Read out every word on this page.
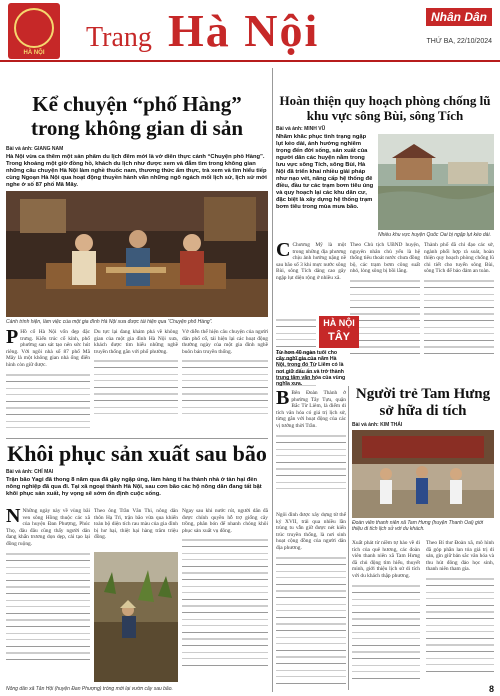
HÀ NỘI	Trang Hà Nội	Nhân Dân
THỨ BA, 22/10/2024
Kể chuyện “phố Hàng”
trong không gian di sản
Bài và ảnh: GIANG NAM
Hà Nội vừa ca thêm một sản phẩm du lịch đêm mới là vở diễn thực cảnh “Chuyện phố Hàng”. Trong khoảng một giờ đồng hồ, khách du lịch như được xem và đắm tìm trong không gian những câu chuyện Hà Nội làm nghề thuốc nam, thương thức ẩm thực, trà xem và tìm hiểu tiếp cùng Ngoạn Hà Nội qua hoạt động thuyền hành văn những ngõ ngách mối lịch sử, lịch sử mới nghe ở số 87 phố Mã Mây.
Cảnh trình hiện, làm việc của một gia đình Hà Nội xưa được tái hiện qua “Chuyện phố Hàng”.
P Hồ cổ Hà Nội vốn đẹp đặc trưng. Kiến trúc cổ kính, phố phường san sát tạo nên sức hút riêng. Với ngôi nhà số 87 phố Mã Mây là một không gian nhà ống điển hình còn giữ được.
Du tực lại đang khám phá về không gian của một gia đình Hà Nội xưa, khách được tìm hiểu những nghề truyền thống gắn với phố phường.
Vở diễn thể hiện câu chuyện của người dân phố cổ, tái hiện lại các hoạt động thường ngày của một gia đình nghề buôn bán truyền thống.
Khôi phục sản xuất sau bão
Bài và ảnh: CHÍ MAI
Trận bão Yagi đã thong 8 năm qua đã gây ngập úng, làm hàng tỉ ha thành nhà ở tàn hại đến nông nghiệp đã qua đi. Tại xã ngoại thành Hà Nội, sau cơn bão các hộ nông dân đang tất bật khôi phục sản xuất, hy vọng sẽ sớm ổn định cuộc sống.
N Những ngày này về vùng bãi ven sông Hồng thuộc các xã của huyện Đan Phượng, Phúc Thọ, đâu đâu cũng thấy người dân đang khẩn trương dọn dẹp, cải tạo lại đồng ruộng.
Theo ông Trần Văn Thi, nông dân thôn Hạ Trì, trận bão vừa qua khiến toàn bộ diện tích rau màu của gia đình bị hư hại, thiệt hại hàng trăm triệu đồng.
Ngay sau khi nước rút, người dân đã được chính quyền hỗ trợ giống cây trồng, phân bón để nhanh chóng khôi phục sản xuất vụ đông.
Nông dân xã Tân Hội (huyện Đan Phượng) trồng mới lại vườn cây sau bão.
Hoàn thiện quy hoạch phòng chống lũ khu vực sông Bùi, sông Tích
Bài và ảnh: MINH VŨ
Nhằm khắc phục tình trạng ngập lụt kéo dài, ảnh hưởng nghiêm trọng đến đời sống, sản xuất của người dân các huyện nằm trong lưu vực sông Tích, sông Bùi, Hà Nội đã triển khai nhiều giải pháp như nạo vét, nâng cấp hệ thống đê điều, đầu tư các trạm bơm tiêu úng và quy hoạch lại các khu dân cư, đặc biệt là xây dựng hệ thống trạm bơm tiêu trong mùa mưa bão.
Nhiều khu vực huyện Quốc Oai bị ngập lụt kéo dài.
C Chương Mỹ là một trong những địa phương chịu ảnh hưởng nặng nề sau bão số 3 khi mực nước sông Bùi, sông Tích dâng cao gây ngập lụt diện rộng ở nhiều xã.
Theo Chủ tịch UBND huyện, nguyên nhân chủ yếu là hệ thống tiêu thoát nước chưa đồng bộ, các trạm bơm công suất nhỏ, lòng sông bị bồi lắng.
Thành phố đã chỉ đạo các sở, ngành phối hợp rà soát, hoàn thiện quy hoạch phòng chống lũ chi tiết cho tuyến sông Bùi, sông Tích để bảo đảm an toàn.
HÀ NỘI
TÂY
Từ hơn 40 ngàn tuổi cho cây nghĩ gia của năm Hà Nội, trong đó Từ Liêm có là nơi giữ dấu ấn và trở thành trung tâm văn hóa của vùng nghĩa xưa.
B Bên Đoàn Thành ở phường Tây Tựu, quận Bắc Từ Liêm, là điểm di tích văn hóa có giá trị lịch sử, từng gắn với hoạt động của các vị tướng thời Trần.
Ngôi đình được xây dựng từ thế kỷ XVII, trải qua nhiều lần trùng tu vẫn giữ được nét kiến trúc truyền thống, là nơi sinh hoạt cộng đồng của người dân địa phương.
Người trẻ Tam Hưng sở hữa di tích
Bài và ảnh: KIM THÁI
Đoàn viên thanh niên xã Tam Hưng (huyện Thanh Oai) giới thiệu di tích lịch sử với du khách.
Xuất phát từ niềm tự hào về di tích của quê hương, các đoàn viên thanh niên xã Tam Hưng đã chủ động tìm hiểu, thuyết minh, giới thiệu lịch sử di tích với du khách thập phương.
Theo Bí thư Đoàn xã, mô hình đã góp phần lan tỏa giá trị di sản, gìn giữ bản sắc văn hóa và thu hút đông đảo học sinh, thanh niên tham gia.
8
